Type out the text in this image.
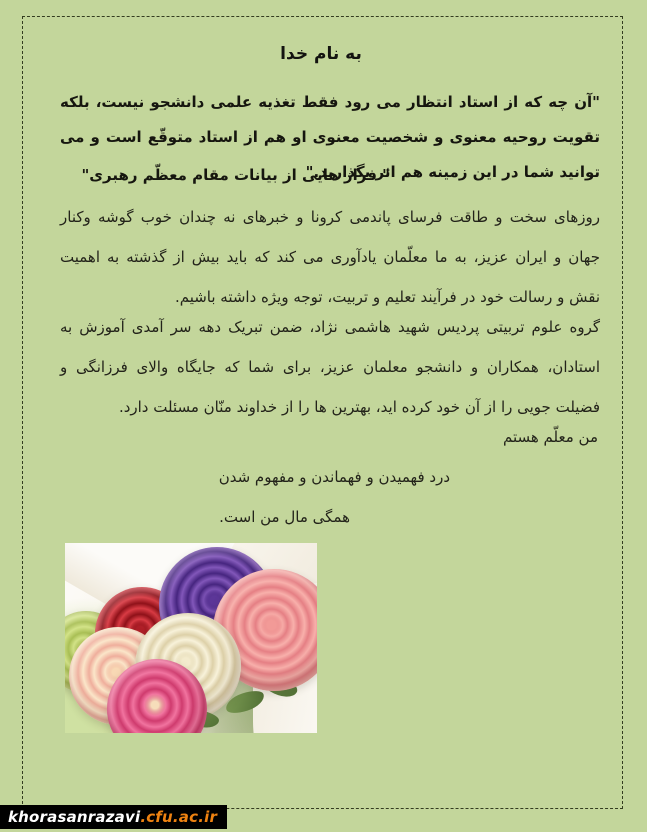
به نام خدا
"آن چه که از استاد انتظار می رود فقط تغذیه علمی دانشجو نیست، بلکه تقویت روحیه معنوی و شخصیت معنوی او هم از استاد متوقّع است و می توانید شما در این زمینه هم اثر بگذارید."
" فراز هایی از بیانات مقام معظّم رهبری"
روزهای سخت و طاقت فرسای پاندمی کرونا و خبرهای نه چندان خوب گوشه وکنار جهان و ایران عزیز، به ما معلّمان یادآوری می کند که باید بیش از گذشته به اهمیت نقش و رسالت خود در فرآیند تعلیم و تربیت، توجه ویژه داشته باشیم.
گروه علوم تربیتی پردیس شهید هاشمی نژاد، ضمن تبریک دهه سر آمدی آموزش به استادان، همکاران و دانشجو معلمان عزیز، برای شما که جایگاه والای فرزانگی و فضیلت جویی را از آن خود کرده اید، بهترین ها را از خداوند منّان مسئلت دارد.
من معلّم هستم
درد فهمیدن و فهماندن و مفهوم شدن
همگی مال من است.
khorasanrazavi .cfu.ac.ir
